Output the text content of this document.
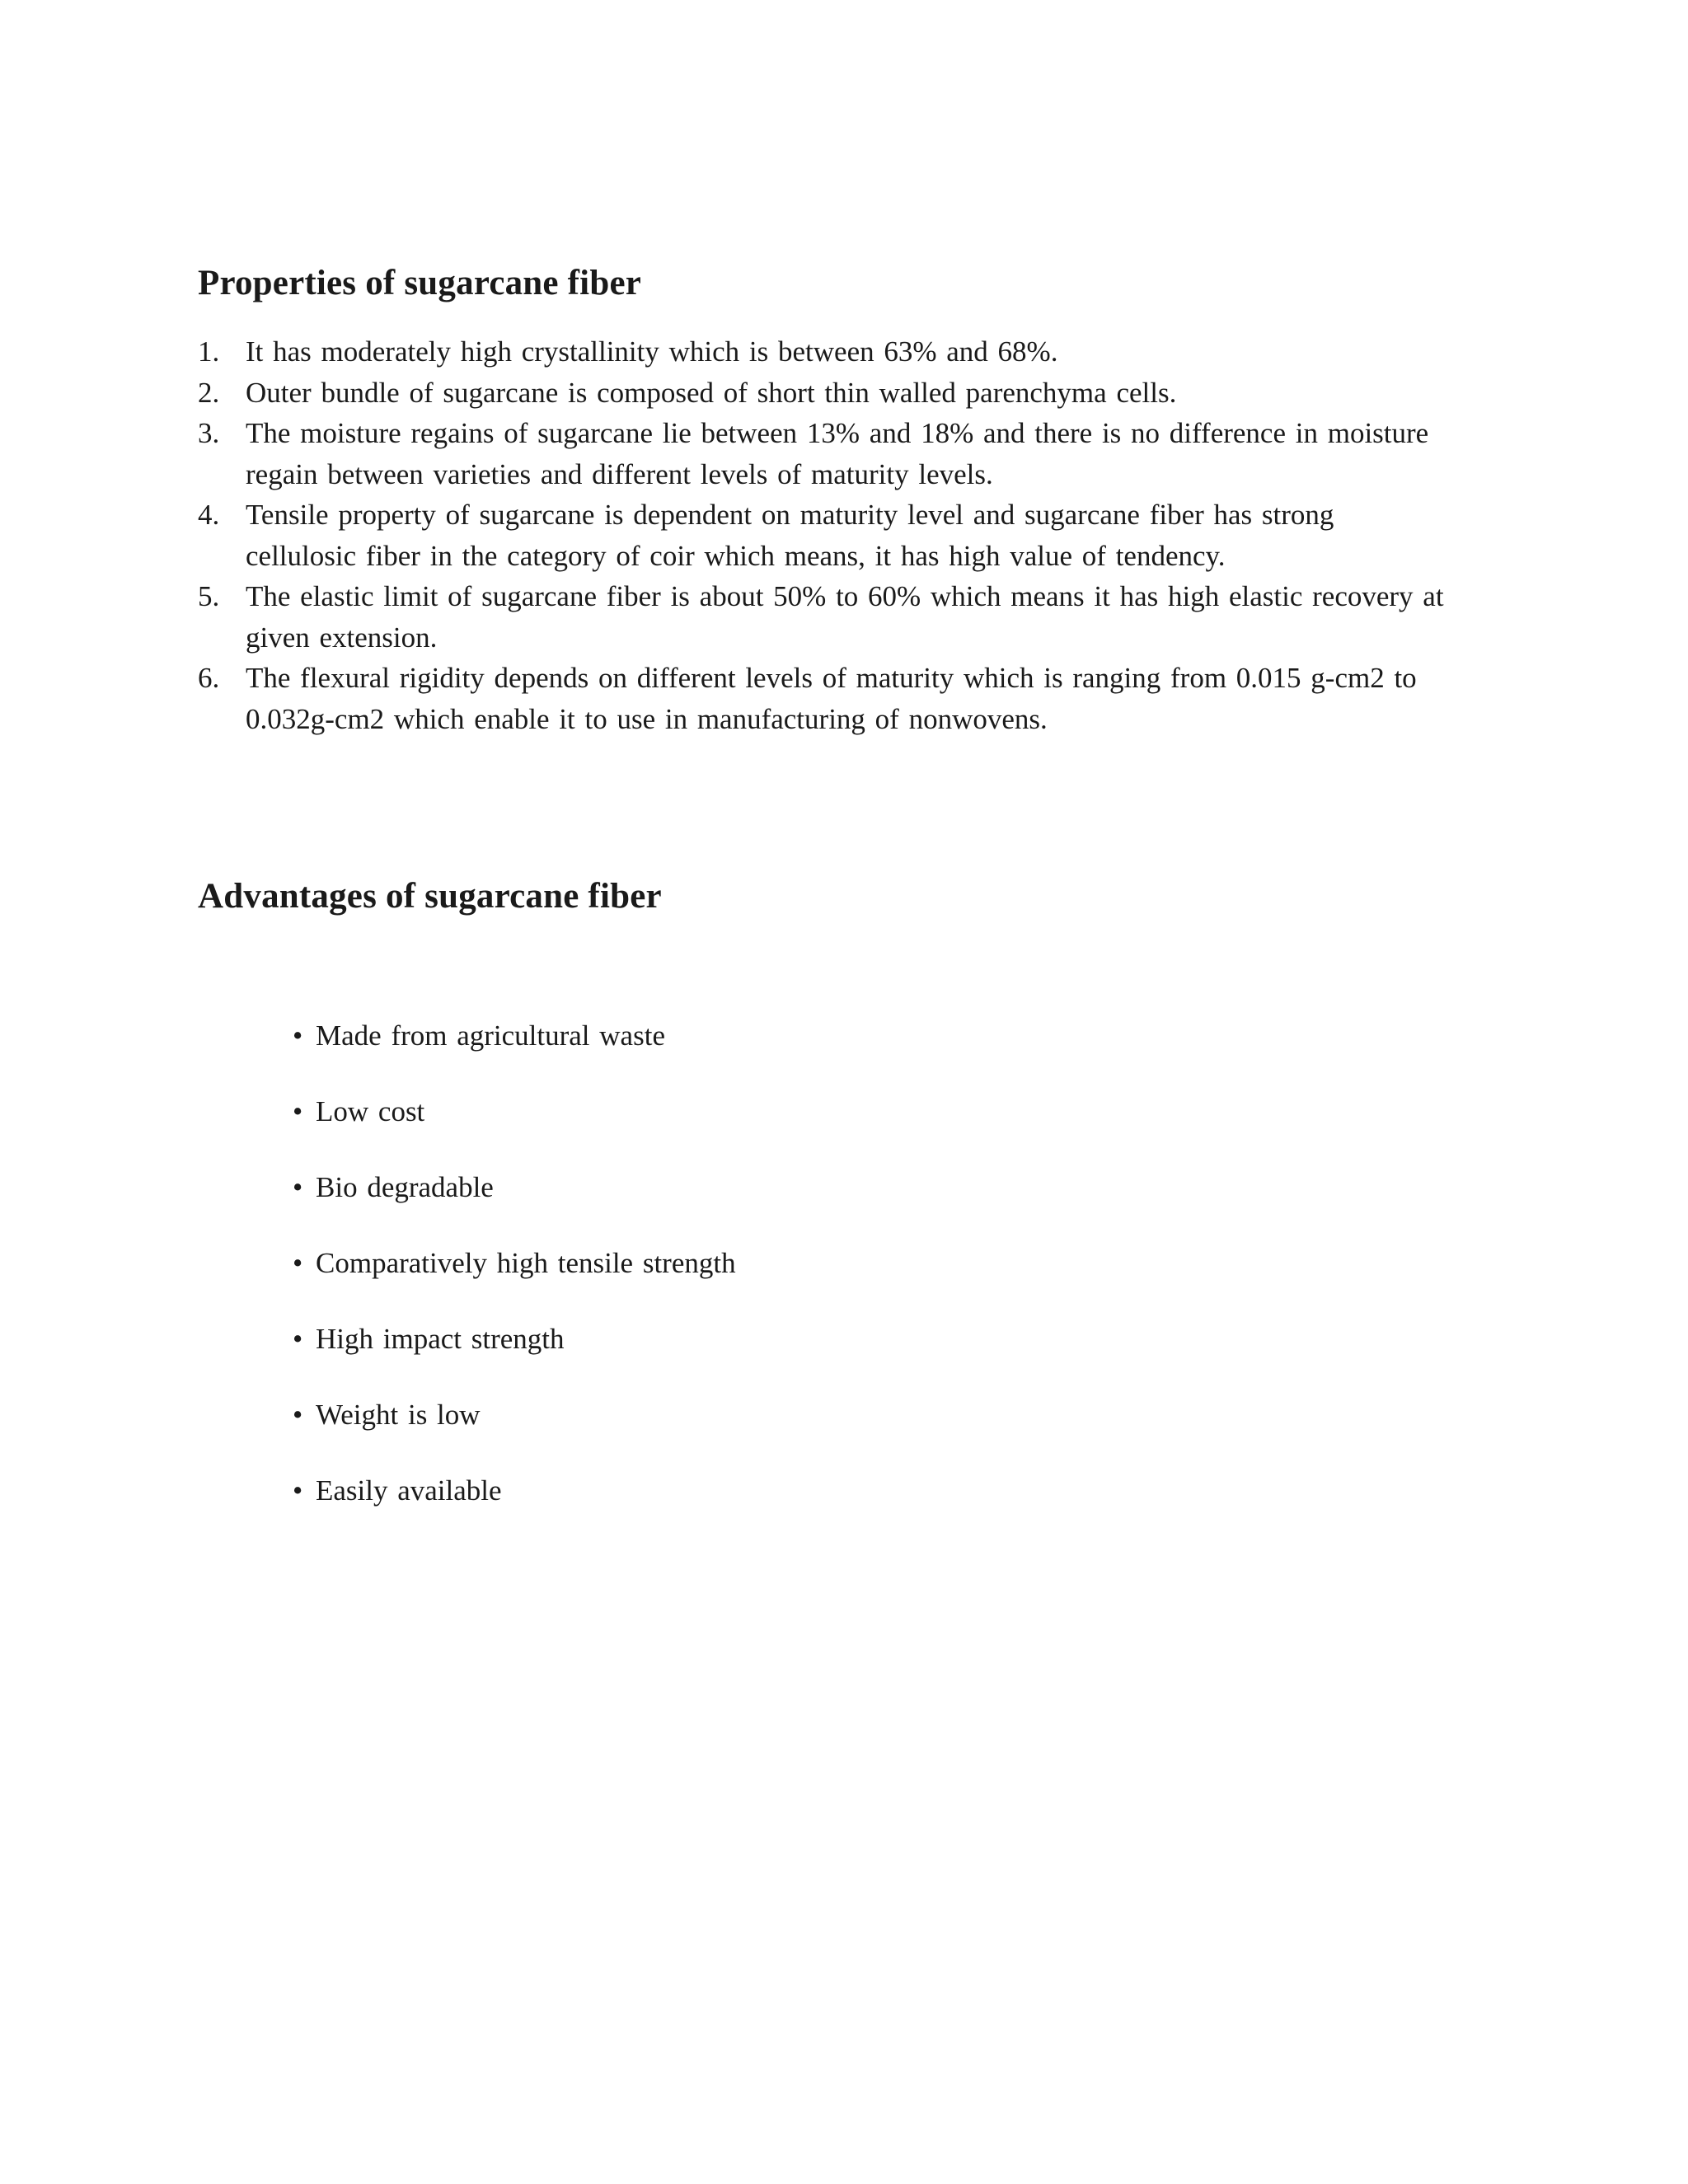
Properties of sugarcane fiber
1. It has moderately high crystallinity which is between 63% and 68%.
2. Outer bundle of sugarcane is composed of short thin walled parenchyma cells.
3. The moisture regains of sugarcane lie between 13% and 18% and there is no difference in moisture regain between varieties and different levels of maturity levels.
4. Tensile property of sugarcane is dependent on maturity level and sugarcane fiber has strong cellulosic fiber in the category of coir which means, it has high value of tendency.
5. The elastic limit of sugarcane fiber is about 50% to 60% which means it has high elastic recovery at given extension.
6. The flexural rigidity depends on different levels of maturity which is ranging from 0.015 g-cm2 to 0.032g-cm2 which enable it to use in manufacturing of nonwovens.
Advantages of sugarcane fiber
• Made from agricultural waste
• Low cost
• Bio degradable
• Comparatively high tensile strength
• High impact strength
• Weight is low
• Easily available
